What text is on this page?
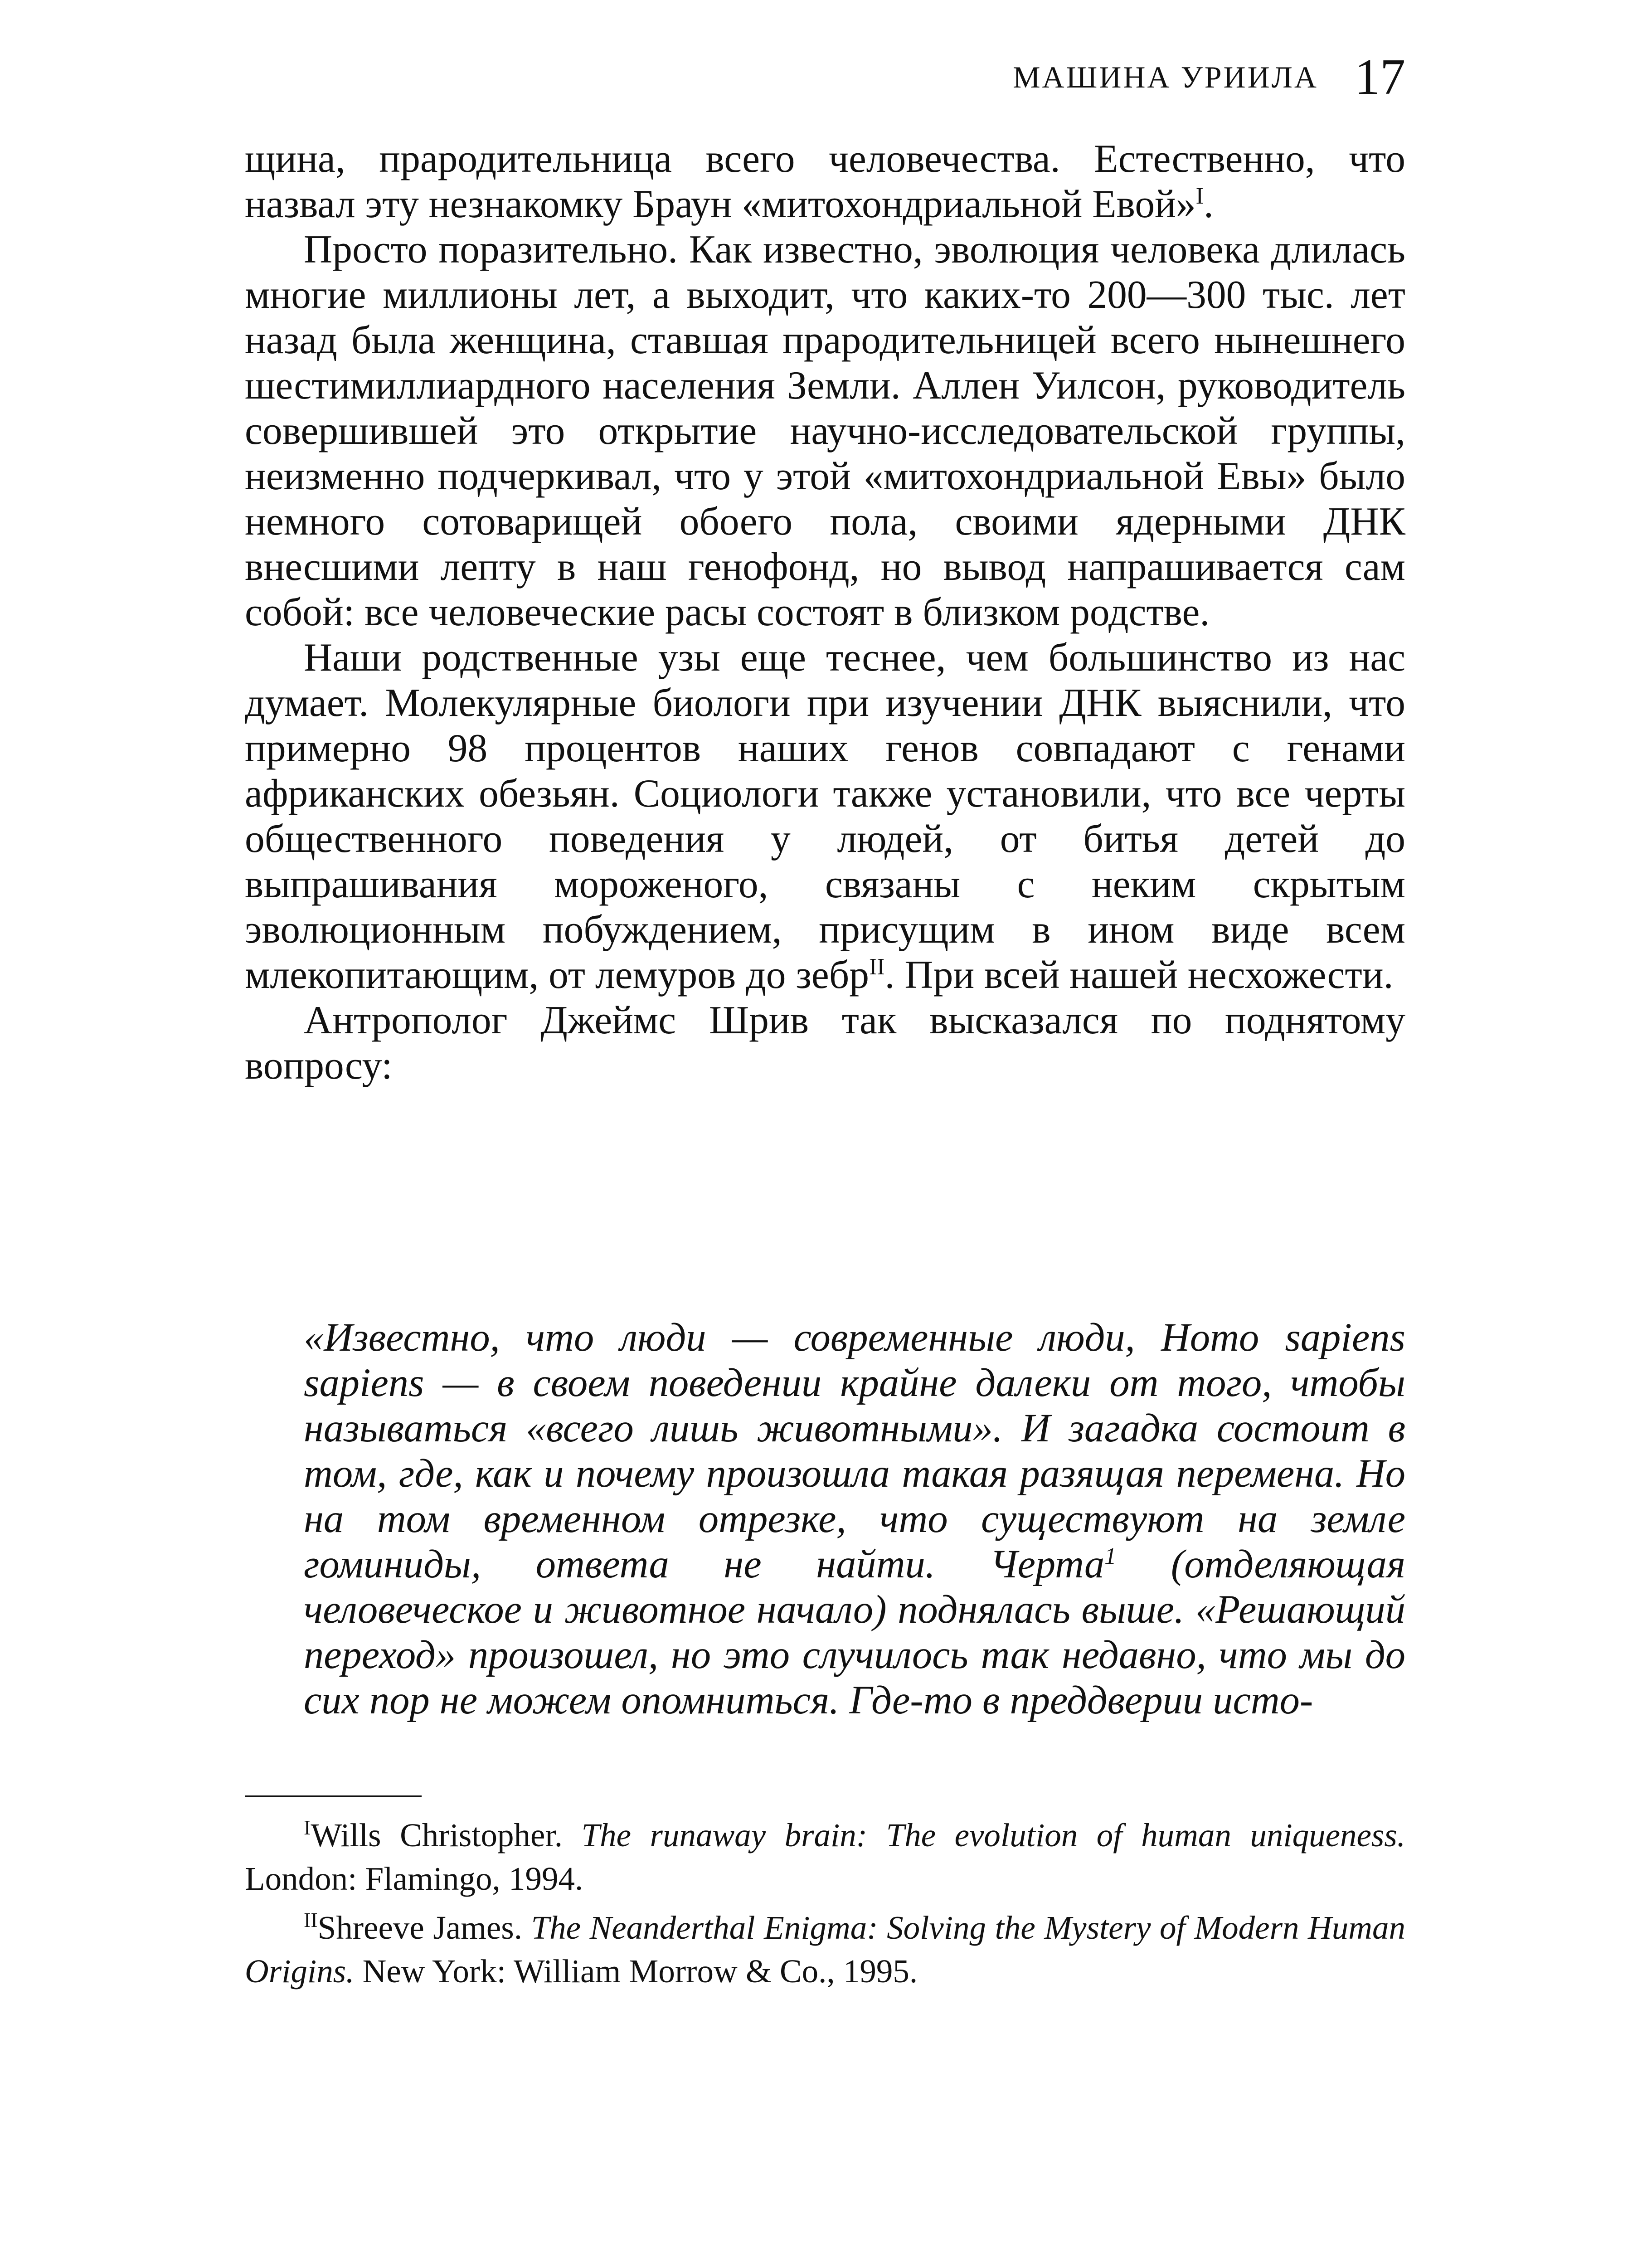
МАШИНА УРИИЛА 17

щина, прародительница всего человечества. Естественно, что назвал эту незнакомку Браун «митохондриальной Евой»$^I$.

Просто поразительно. Как известно, эволюция человека длилась многие миллионы лет, а выходит, что каких-то 200—300 тыс. лет назад была женщина, ставшая прародительницей всего нынешнего шестимиллиардного населения Земли. Аллен Уилсон, руководитель совершившей это открытие научно-исследовательской группы, неизменно подчеркивал, что у этой «митохондриальной Евы» было немного сотоварищей обоего пола, своими ядерными ДНК внесшими лепту в наш генофонд, но вывод напрашивается сам собой: все человеческие расы состоят в близком родстве.

Наши родственные узы еще теснее, чем большинство из нас думает. Молекулярные биологи при изучении ДНК выяснили, что примерно 98 процентов наших генов совпадают с генами африканских обезьян. Социологи также установили, что все черты общественного поведения у людей, от битья детей до выпрашивания мороженого, связаны с неким скрытым эволюционным побуждением, присущим в ином виде всем млекопитающим, от лемуров до зебр$^{II}$. При всей нашей несхожести.

Антрополог Джеймс Шрив так высказался по поднятому вопросу:

«Известно, что люди — современные люди, Homo sapiens sapiens — в своем поведении крайне далеки от того, чтобы называться «всего лишь животными». И загадка состоит в том, где, как и почему произошла такая разящая перемена. Но на том временном отрезке, что существуют на земле гоминиды, ответа не найти. Черта$^1$ (отделяющая человеческое и животное начало) поднялась выше. «Решающий переход» произошел, но это случилось так недавно, что мы до сих пор не можем опомниться. Где-то в преддверии исто-

$^I$Wills Christopher. The runaway brain: The evolution of human uniqueness. London: Flamingo, 1994.

$^{II}$Shreeve James. The Neanderthal Enigma: Solving the Mystery of Modern Human Origins. New York: William Morrow & Co., 1995.
